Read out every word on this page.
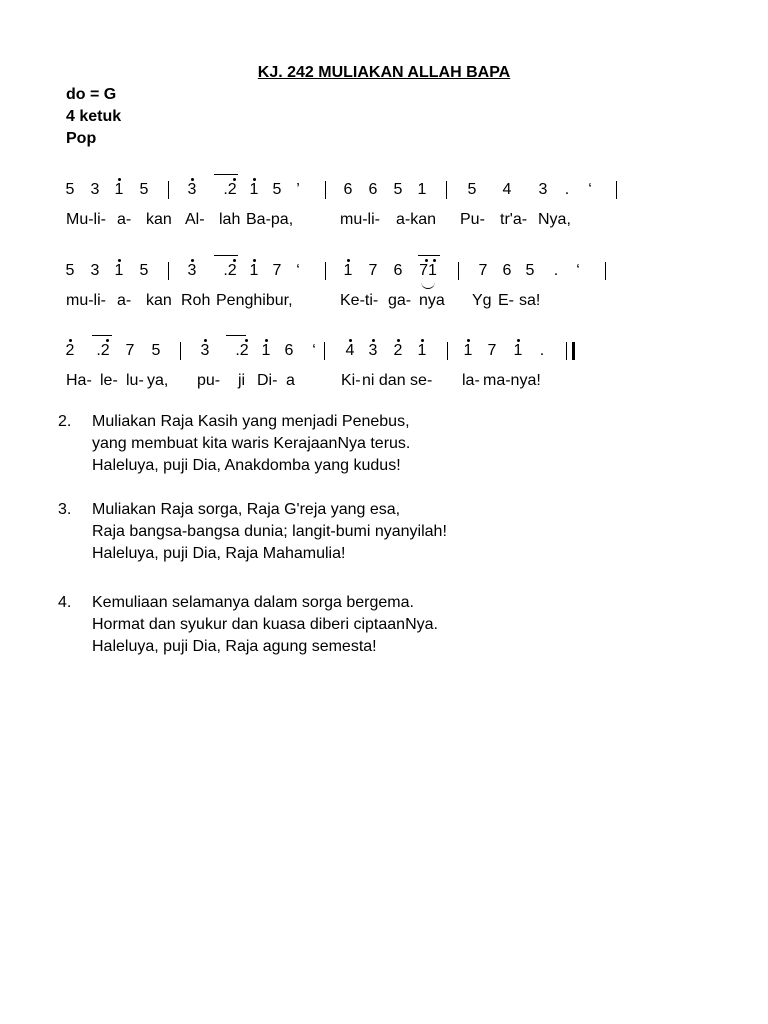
KJ. 242 MULIAKAN ALLAH BAPA
do = G
4 ketuk
Pop
5 3 1 5 3 .2 1 5 ’	6 6 5 1	5 4 3 . ‘
Mu-li- a- kan Al- lah Ba-pa,	mu-li- a-kan Pu- tr'a- Nya,
5 3 1 5 3 .2 1 7 ‘	1 7 6 71	7 6 5 . ‘
mu-li- a- kan Roh Penghibur,	Ke-ti- ga- nya Yg E- sa!
2 .2 7 5	3 .2 1 6 ‘ 4 3 2 1 1 7 1 .
Ha- le- lu- ya, pu- ji Di- a	Ki- ni dan se- la- ma-nya!
2. Muliakan Raja Kasih yang menjadi Penebus,
yang membuat kita waris KerajaanNya terus.
Haleluya, puji Dia, Anakdomba yang kudus!
3. Muliakan Raja sorga, Raja G'reja yang esa,
Raja bangsa-bangsa dunia; langit-bumi nyanyilah!
Haleluya, puji Dia, Raja Mahamulia!
4. Kemuliaan selamanya dalam sorga bergema.
Hormat dan syukur dan kuasa diberi ciptaanNya.
Haleluya, puji Dia, Raja agung semesta!
